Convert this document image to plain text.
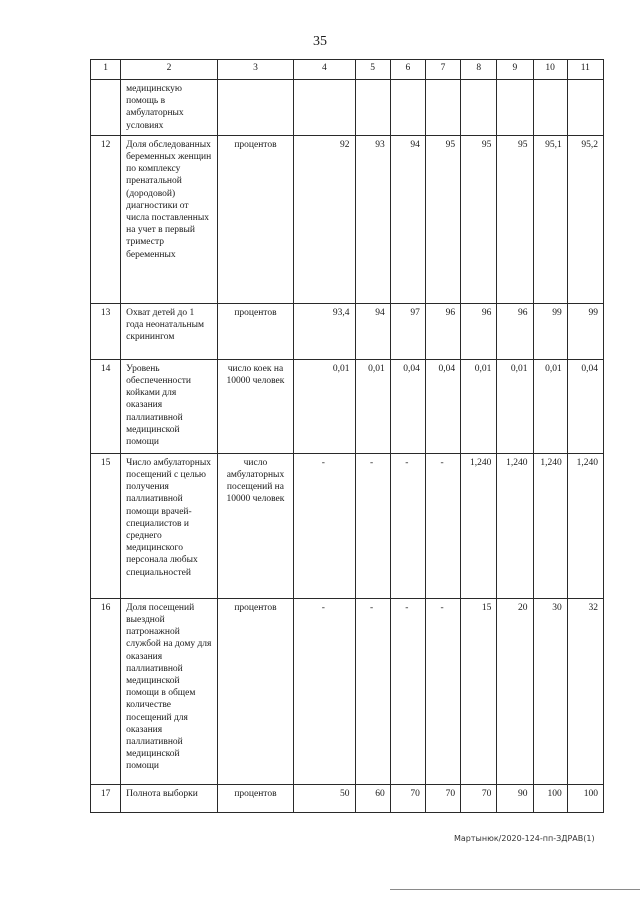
35
1	2	3	4	5	6	7	8	9	10	11
	медицинскую помощь в амбулаторных условиях									
12	Доля обследованных беременных женщин по комплексу пренатальной (дородовой) диагностики от числа поставленных на учет в первый триместр беременных	процентов	92	93	94	95	95	95	95,1	95,2
13	Охват детей до 1 года неонатальным скринингом	процентов	93,4	94	97	96	96	96	99	99
14	Уровень обеспеченности койками для оказания паллиативной медицинской помощи	число коек на 10000 человек	0,01	0,01	0,04	0,04	0,01	0,01	0,01	0,04
15	Число амбулаторных посещений с целью получения паллиативной помощи врачей-специалистов и среднего медицинского персонала любых специальностей	число амбулаторных посещений на 10000 человек	-	-	-	-	1,240	1,240	1,240	1,240
16	Доля посещений выездной патронажной службой на дому для оказания паллиативной медицинской помощи в общем количестве посещений для оказания паллиативной медицинской помощи	процентов	-	-	-	-	15	20	30	32
17	Полнота выборки	процентов	50	60	70	70	70	90	100	100
Мартынюк/2020-124-пп-ЗДРАВ(1)
